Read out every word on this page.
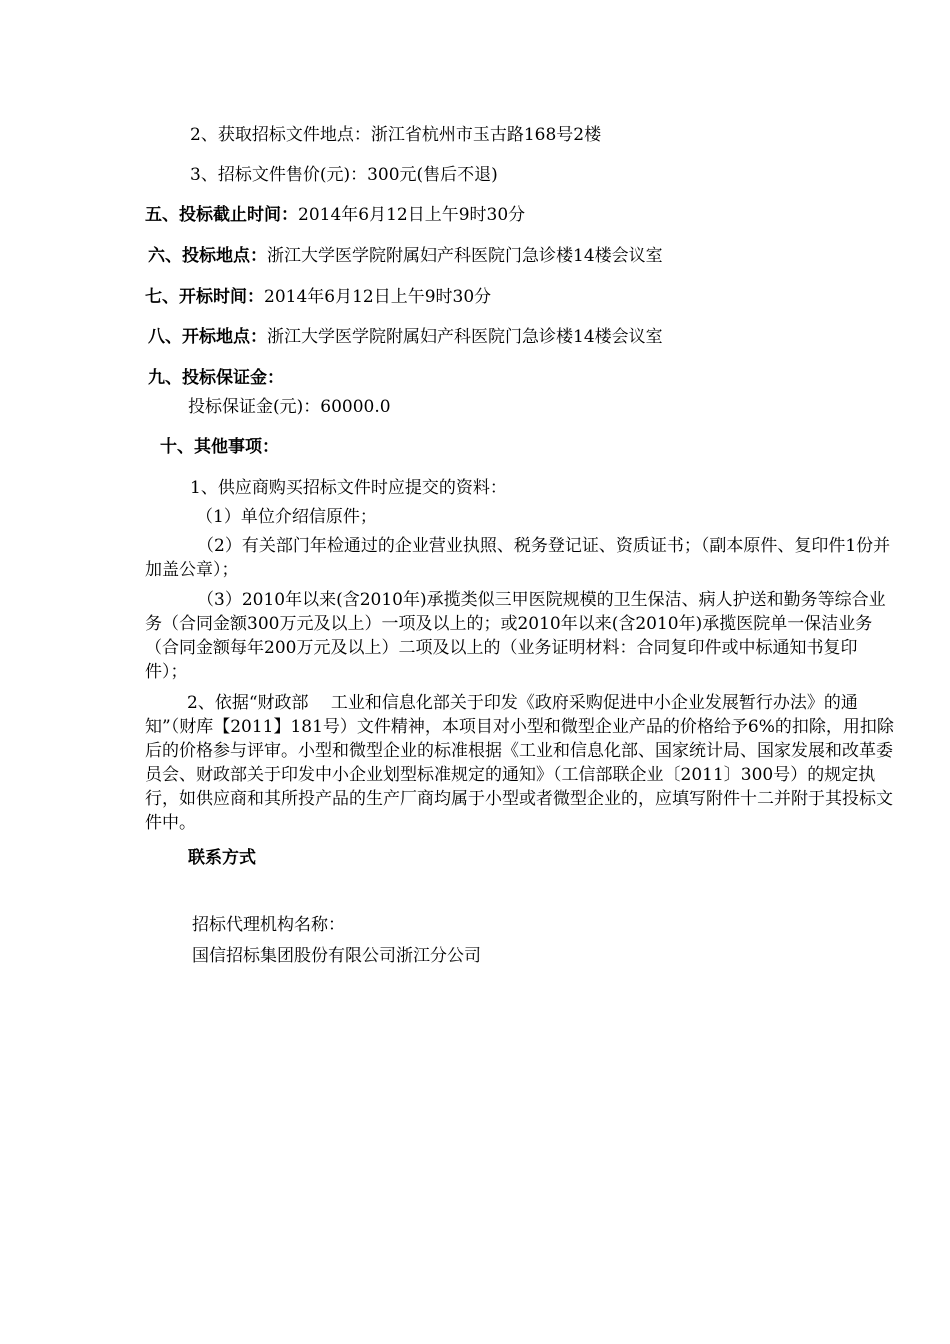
2、获取招标文件地点：浙江省杭州市玉古路168号2楼
3、招标文件售价(元)：300元(售后不退)
五、投标截止时间：2014年6月12日上午9时30分
六、投标地点：浙江大学医学院附属妇产科医院门急诊楼14楼会议室
七、开标时间：2014年6月12日上午9时30分
八、开标地点：浙江大学医学院附属妇产科医院门急诊楼14楼会议室
九、投标保证金：
投标保证金(元)：60000.0
十、其他事项：
1、供应商购买招标文件时应提交的资料：
（1）单位介绍信原件；
（2）有关部门年检通过的企业营业执照、税务登记证、资质证书；（副本原件、复印件1份并加盖公章）；
（3）2010年以来(含2010年)承揽类似三甲医院规模的卫生保洁、病人护送和勤务等综合业务（合同金额300万元及以上）一项及以上的；或2010年以来(含2010年)承揽医院单一保洁业务（合同金额每年200万元及以上）二项及以上的（业务证明材料：合同复印件或中标通知书复印件）；
2、依据“财政部　 工业和信息化部关于印发《政府采购促进中小企业发展暂行办法》的通知”（财库【2011】181号）文件精神，本项目对小型和微型企业产品的价格给予6%的扣除，用扣除后的价格参与评审。小型和微型企业的标准根据《工业和信息化部、国家统计局、国家发展和改革委员会、财政部关于印发中小企业划型标准规定的通知》（工信部联企业〔2011〕300号）的规定执行，如供应商和其所投产品的生产厂商均属于小型或者微型企业的，应填写附件十二并附于其投标文件中。
联系方式
招标代理机构名称：
国信招标集团股份有限公司浙江分公司
